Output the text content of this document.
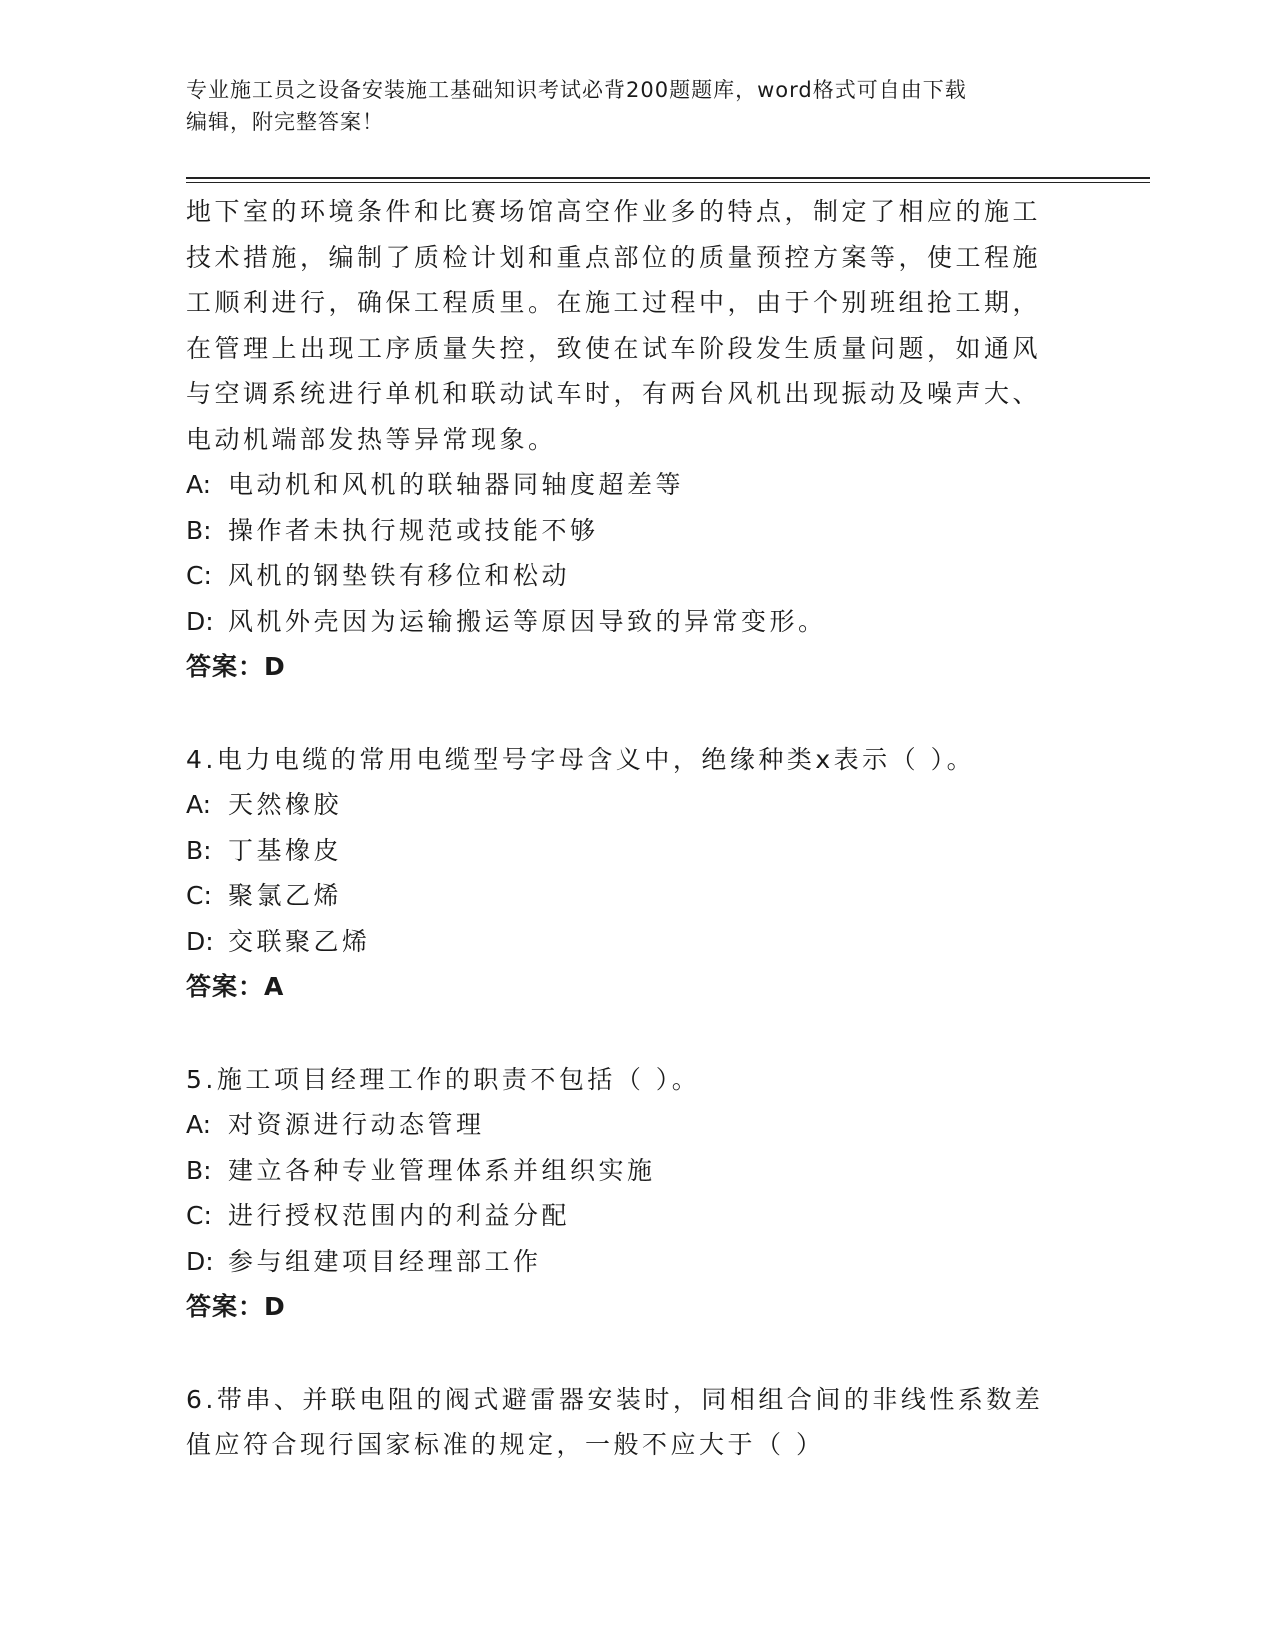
专业施工员之设备安装施工基础知识考试必背200题题库，word格式可自由下载
编辑，附完整答案！

地下室的环境条件和比赛场馆高空作业多的特点，制定了相应的施工

技术措施，编制了质检计划和重点部位的质量预控方案等，使工程施

工顺利进行，确保工程质里。在施工过程中，由于个别班组抢工期，

在管理上出现工序质量失控，致使在试车阶段发生质量问题，如通风

与空调系统进行单机和联动试车时，有两台风机出现振动及噪声大、

电动机端部发热等异常现象。

A: 电动机和风机的联轴器同轴度超差等

B: 操作者未执行规范或技能不够

C: 风机的钢垫铁有移位和松动

D: 风机外壳因为运输搬运等原因导致的异常变形。

答案：D

4.电力电缆的常用电缆型号字母含义中，绝缘种类x表示（ ）。

A: 天然橡胶

B: 丁基橡皮

C: 聚氯乙烯

D: 交联聚乙烯

答案：A

5.施工项目经理工作的职责不包括（ ）。

A: 对资源进行动态管理

B: 建立各种专业管理体系并组织实施

C: 进行授权范围内的利益分配

D: 参与组建项目经理部工作

答案：D

6.带串、并联电阻的阀式避雷器安装时，同相组合间的非线性系数差

值应符合现行国家标准的规定，一般不应大于（ ）
